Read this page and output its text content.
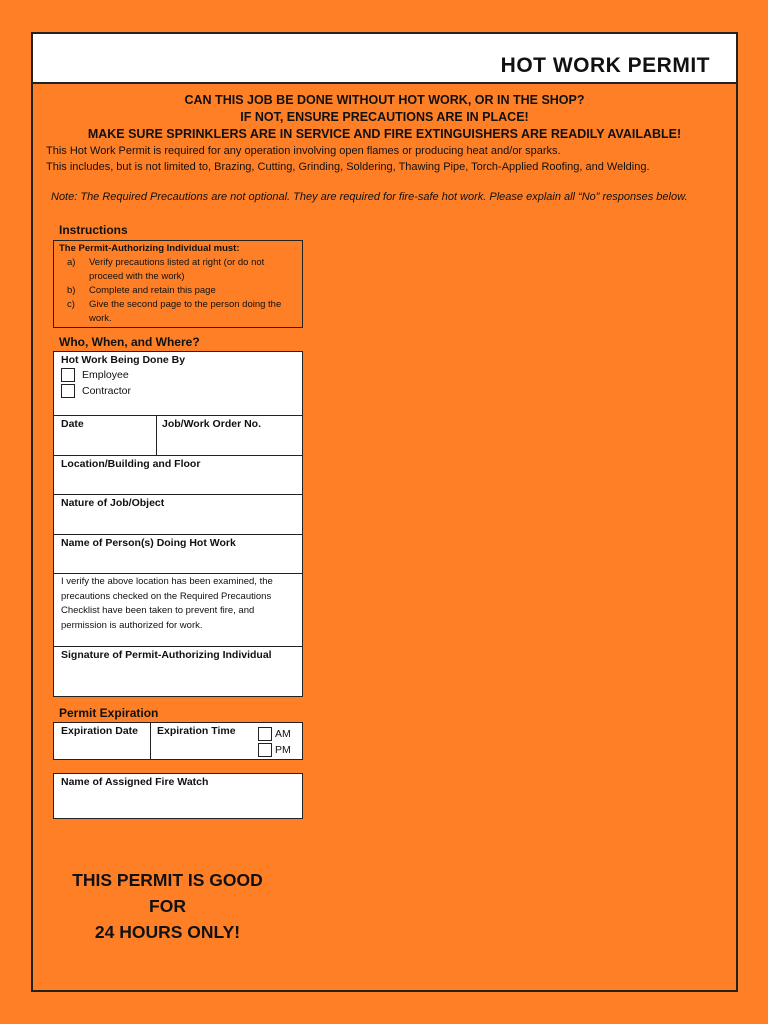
HOT WORK PERMIT
CAN THIS JOB BE DONE WITHOUT HOT WORK, OR IN THE SHOP?
IF NOT, ENSURE PRECAUTIONS ARE IN PLACE!
MAKE SURE SPRINKLERS ARE IN SERVICE AND FIRE EXTINGUISHERS ARE READILY AVAILABLE!
This Hot Work Permit is required for any operation involving open flames or producing heat and/or sparks.
This includes, but is not limited to, Brazing, Cutting, Grinding, Soldering, Thawing Pipe, Torch-Applied Roofing, and Welding.
Note: The Required Precautions are not optional. They are required for fire-safe hot work. Please explain all “No” responses below.
Instructions
The Permit-Authorizing Individual must:
a)	Verify precautions listed at right (or do not proceed with the work)
b)	Complete and retain this page
c)	Give the second page to the person doing the work.
Who, When, and Where?
Hot Work Being Done By
Employee
Contractor
Date	Job/Work Order No.
Location/Building and Floor
Nature of Job/Object
Name of Person(s) Doing Hot Work
I verify the above location has been examined, the precautions checked on the Required Precautions Checklist have been taken to prevent fire, and permission is authorized for work.
Signature of Permit-Authorizing Individual
Permit Expiration
Expiration Date Expiration Time	AM
PM
Name of Assigned Fire Watch
THIS PERMIT IS GOOD FOR
24 HOURS ONLY!
